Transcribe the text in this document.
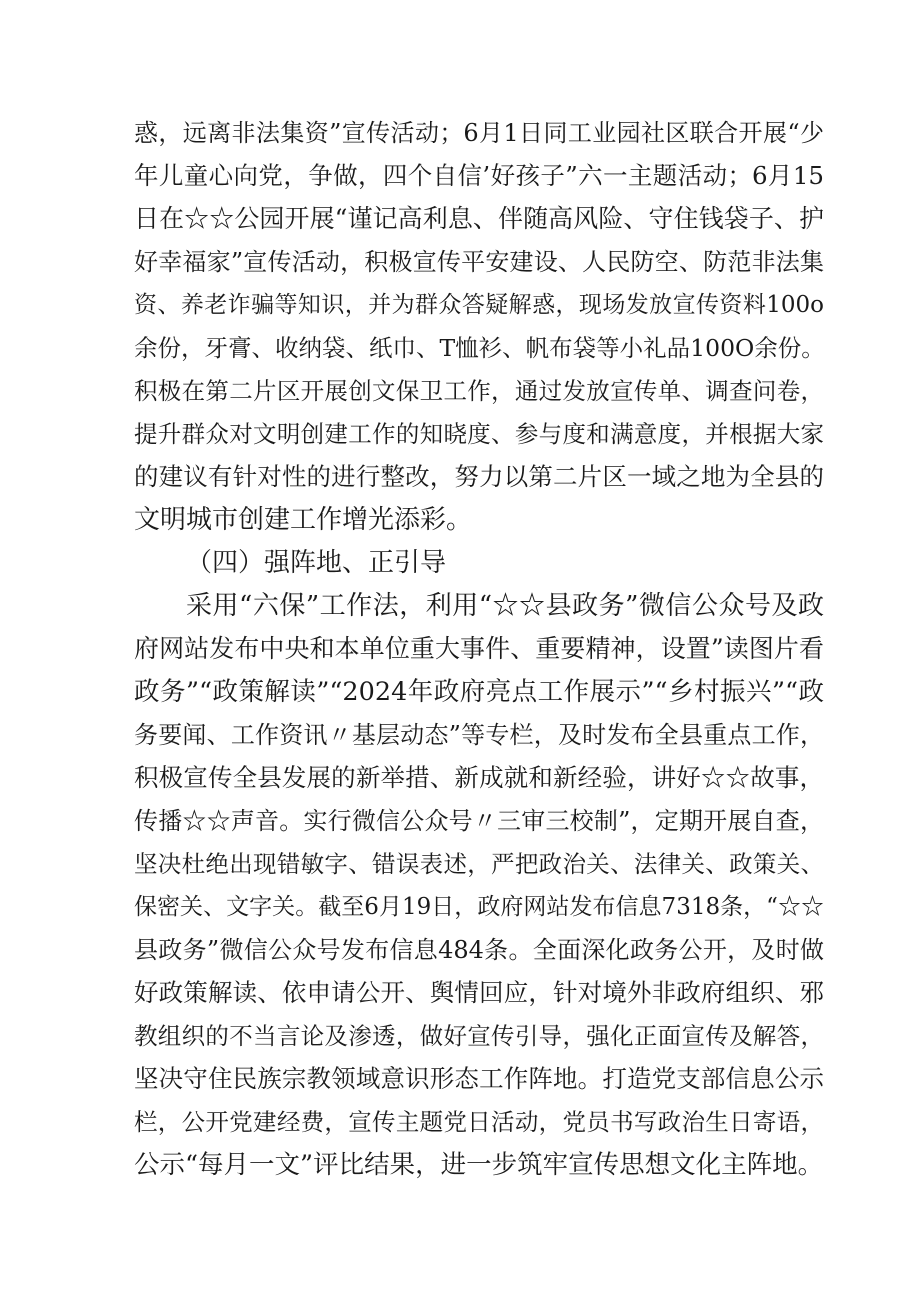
惑，远离非法集资”宣传活动；6月1日同工业园社区联合开展“少
年儿童心向党，争做，四个自信’好孩子”六一主题活动；6月15
日在☆☆公园开展“谨记高利息、伴随高风险、守住钱袋子、护
好幸福家”宣传活动，积极宣传平安建设、人民防空、防范非法集
资、养老诈骗等知识，并为群众答疑解惑，现场发放宣传资料100o
余份，牙膏、收纳袋、纸巾、T恤衫、帆布袋等小礼品100O余份。
积极在第二片区开展创文保卫工作，通过发放宣传单、调查问卷，
提升群众对文明创建工作的知晓度、参与度和满意度，并根据大家
的建议有针对性的进行整改，努力以第二片区一域之地为全县的
文明城市创建工作增光添彩。
（四）强阵地、正引导
采用“六保”工作法，利用“☆☆县政务”微信公众号及政
府网站发布中央和本单位重大事件、重要精神，设置”读图片看
政务”“政策解读”“2024年政府亮点工作展示”“乡村振兴”“政
务要闻、工作资讯〃基层动态”等专栏，及时发布全县重点工作，
积极宣传全县发展的新举措、新成就和新经验，讲好☆☆故事，
传播☆☆声音。实行微信公众号〃三审三校制”，定期开展自查，
坚决杜绝出现错敏字、错误表述，严把政治关、法律关、政策关、
保密关、文字关。截至6月19日，政府网站发布信息7318条，“☆☆
县政务”微信公众号发布信息484条。全面深化政务公开，及时做
好政策解读、依申请公开、舆情回应，针对境外非政府组织、邪
教组织的不当言论及渗透，做好宣传引导，强化正面宣传及解答，
坚决守住民族宗教领域意识形态工作阵地。打造党支部信息公示
栏，公开党建经费，宣传主题党日活动，党员书写政治生日寄语，
公示“每月一文”评比结果，进一步筑牢宣传思想文化主阵地。
